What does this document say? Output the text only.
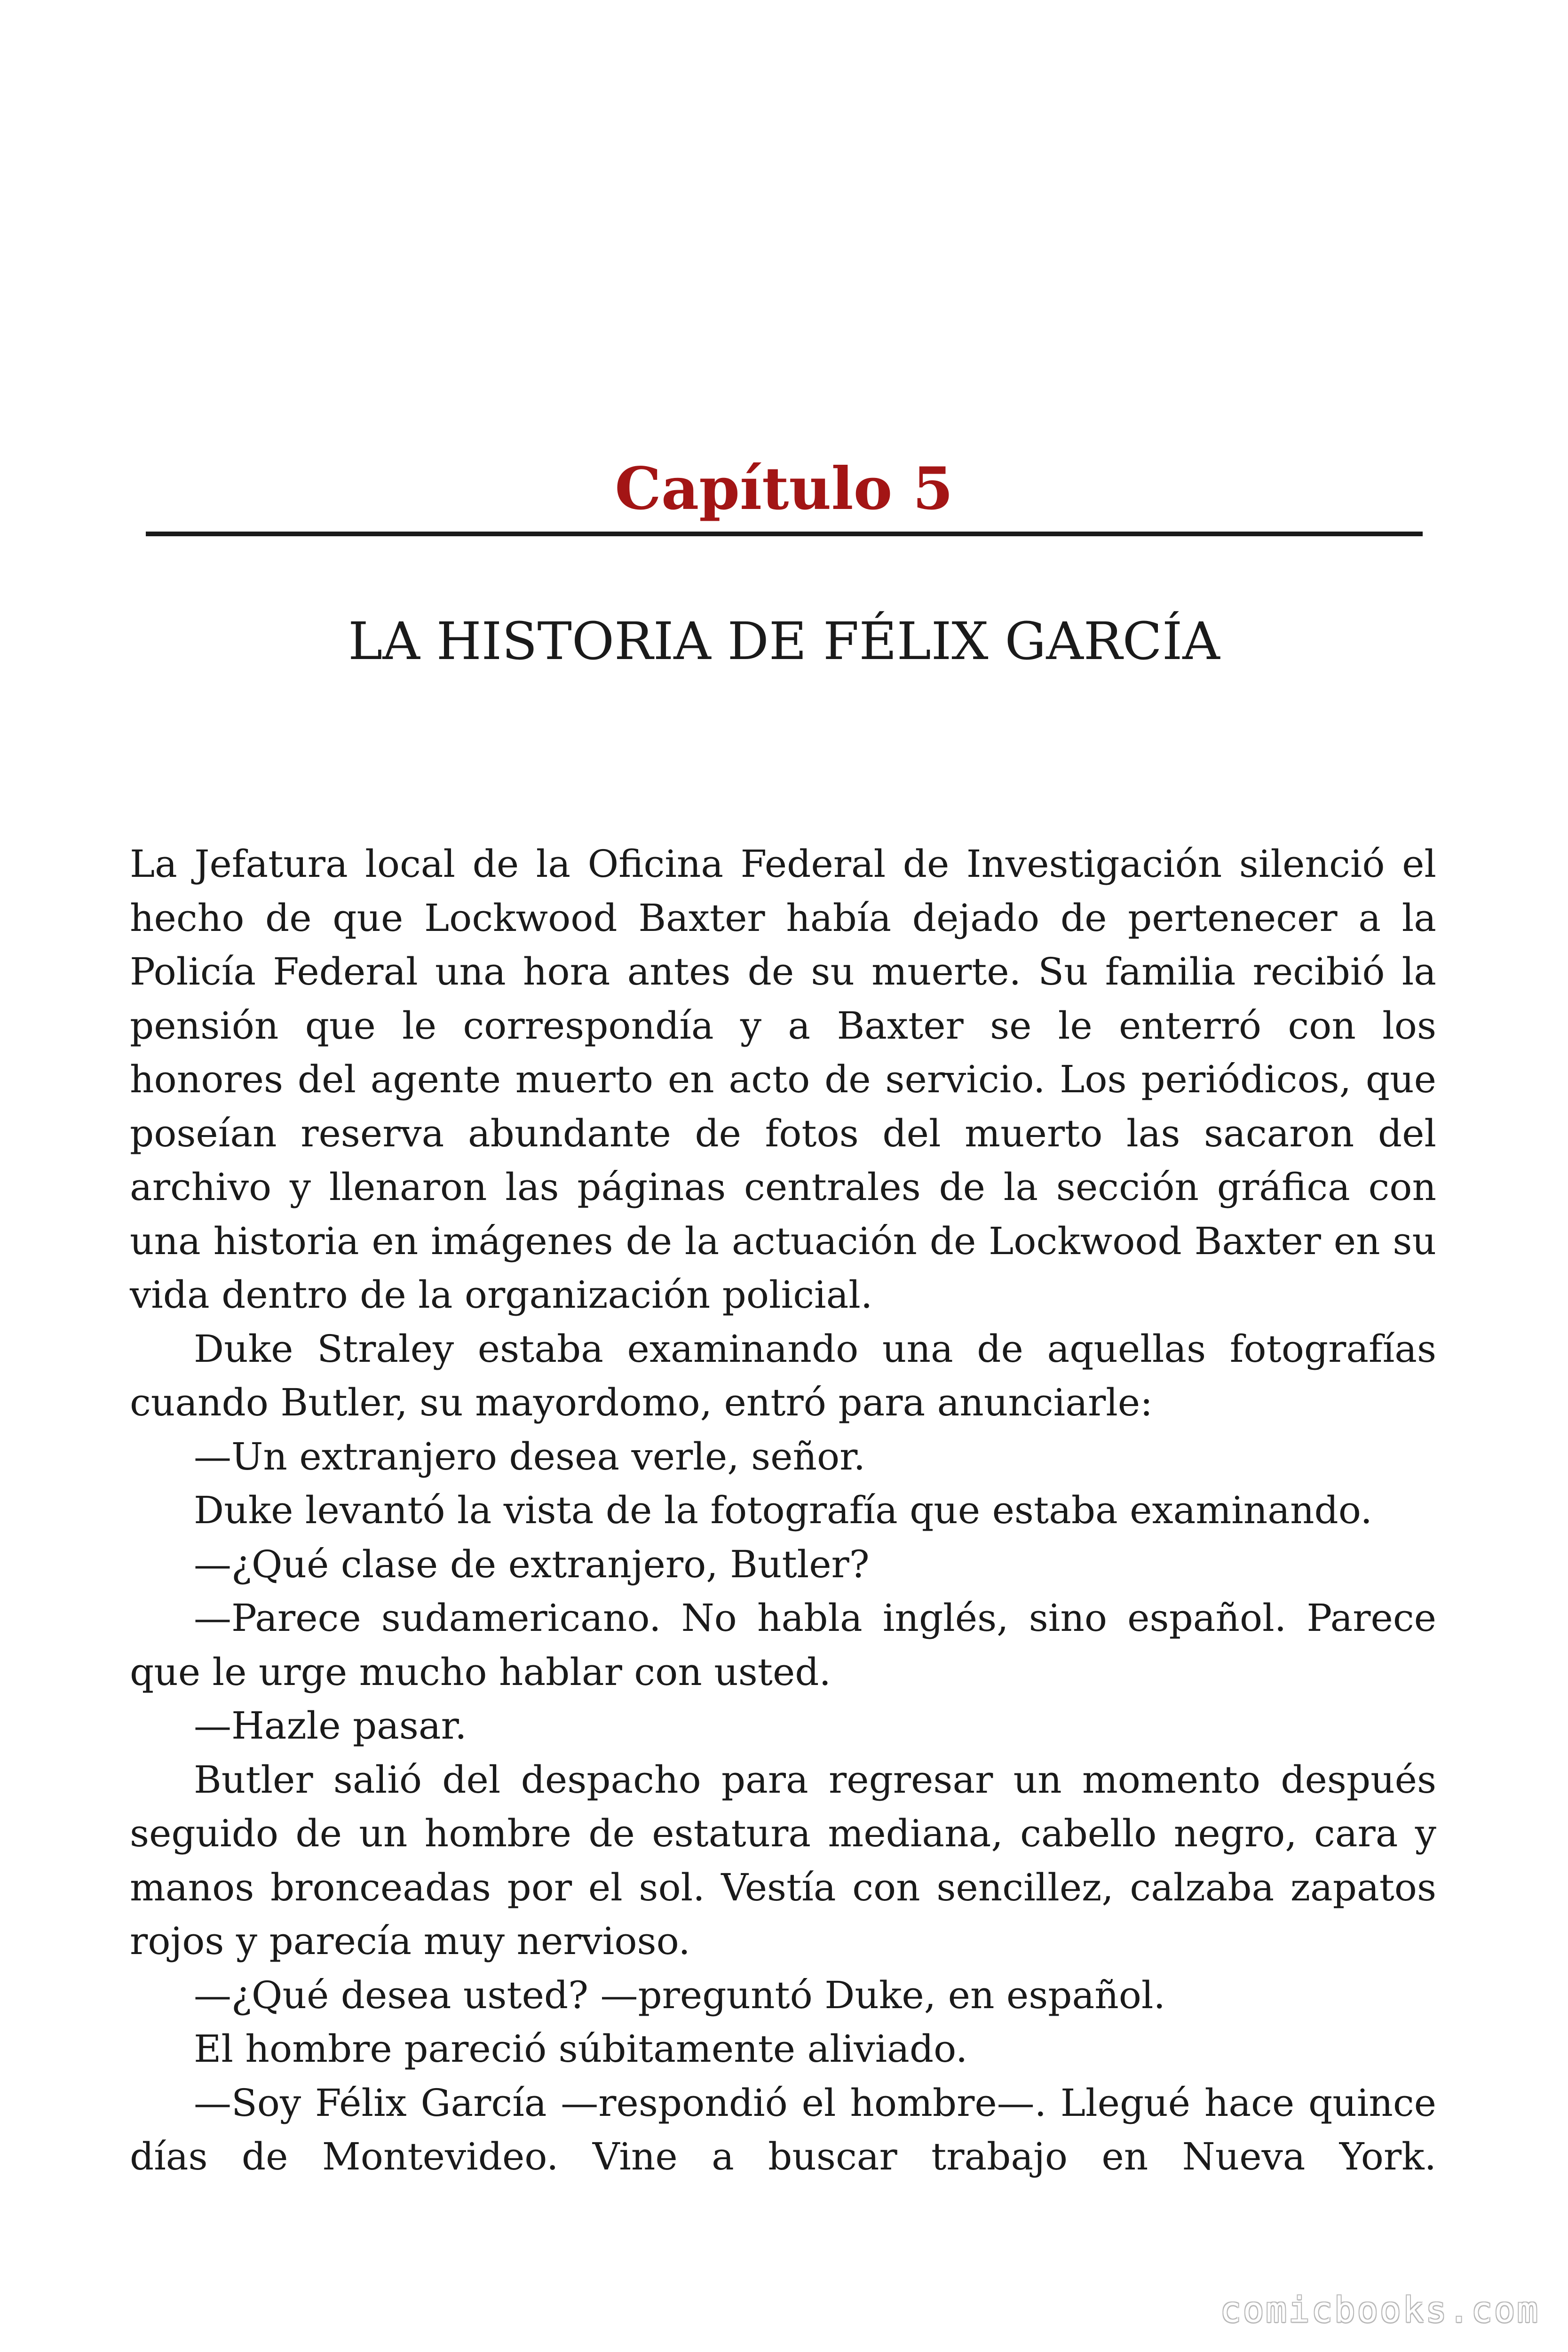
Capítulo 5
LA HISTORIA DE FÉLIX GARCÍA

La Jefatura local de la Oficina Federal de Investigación silenció el hecho de que Lockwood Baxter había dejado de pertenecer a la Policía Federal una hora antes de su muerte. Su familia recibió la pensión que le correspondía y a Baxter se le enterró con los honores del agente muerto en acto de servicio. Los periódicos, que poseían reserva abundante de fotos del muerto las sacaron del archivo y llenaron las páginas centrales de la sección gráfica con una historia en imágenes de la actuación de Lockwood Baxter en su vida dentro de la organización policial.

Duke Straley estaba examinando una de aquellas fotografías cuando Butler, su mayordomo, entró para anunciarle:

—Un extranjero desea verle, señor.

Duke levantó la vista de la fotografía que estaba examinando.

—¿Qué clase de extranjero, Butler?

—Parece sudamericano. No habla inglés, sino español. Parece que le urge mucho hablar con usted.

—Hazle pasar.

Butler salió del despacho para regresar un momento después seguido de un hombre de estatura mediana, cabello negro, cara y manos bronceadas por el sol. Vestía con sencillez, calzaba zapatos rojos y parecía muy nervioso.

—¿Qué desea usted? —preguntó Duke, en español.

El hombre pareció súbitamente aliviado.

—Soy Félix García —respondió el hombre—. Llegué hace quince días de Montevideo. Vine a buscar trabajo en Nueva York.

comicbooks.com
